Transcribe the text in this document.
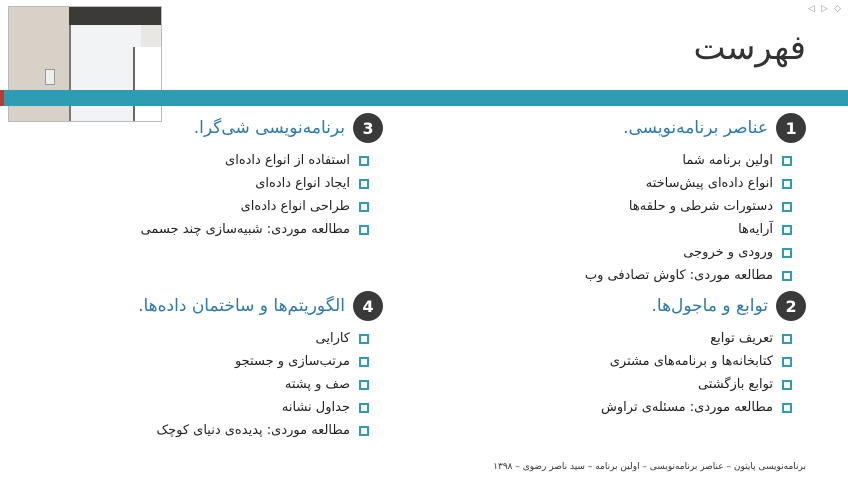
◁ ▷ ◇
فهرست
1
عناصر برنامه‌نویسی.
اولین برنامه شما
انواع داده‌ای پیش‌ساخته
دستورات شرطی و حلقه‌ها
آرایه‌ها
ورودی و خروجی
مطالعه موردی: کاوش تصادفی وب
2
توابع و ماجول‌ها.
تعریف توابع
کتابخانه‌ها و برنامه‌های مشتری
توابع بازگشتی
مطالعه موردی: مسئله‌ی تراوش
3
برنامه‌نویسی شی‌گرا.
استفاده از انواع داده‌ای
ایجاد انواع داده‌ای
طراحی انواع داده‌ای
مطالعه موردی: شبیه‌سازی چند جسمی
4
الگوریتم‌ها و ساختمان داده‌ها.
کارایی
مرتب‌سازی و جستجو
صف و پشته
جداول نشانه
مطالعه موردی: پدیده‌ی دنیای کوچک
برنامه‌نویسی پایتون – عناصر برنامه‌نویسی – اولین برنامه – سید ناصر رضوی – ۱۳۹۸
